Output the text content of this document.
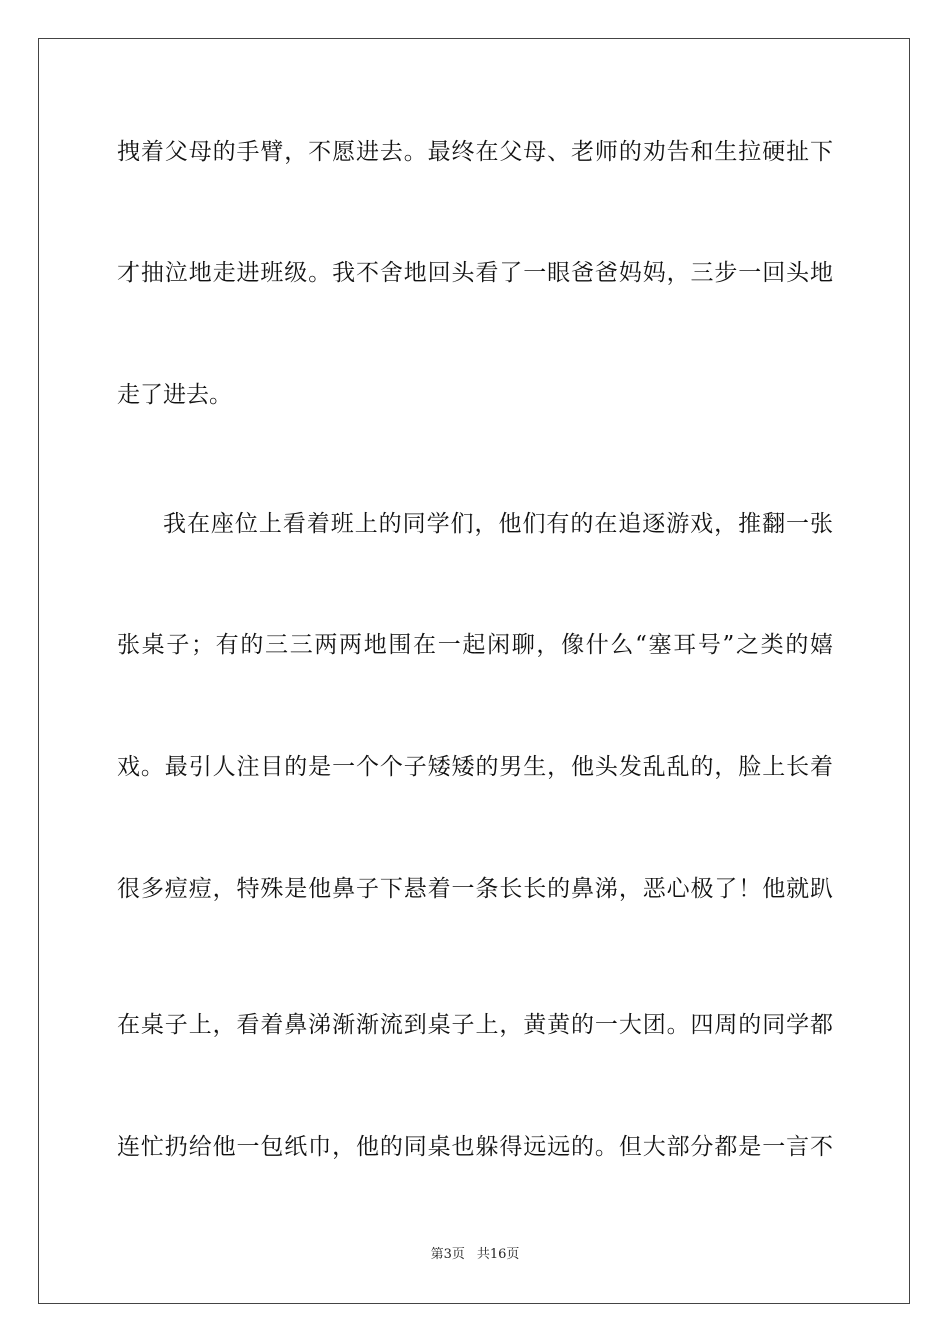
拽着父母的手臂，不愿进去。最终在父母、老师的劝告和生拉硬扯下
才抽泣地走进班级。我不舍地回头看了一眼爸爸妈妈，三步一回头地
走了进去。
我在座位上看着班上的同学们，他们有的在追逐游戏，推翻一张
张桌子；有的三三两两地围在一起闲聊，像什么“塞耳号”之类的嬉
戏。最引人注目的是一个个子矮矮的男生，他头发乱乱的，脸上长着
很多痘痘，特殊是他鼻子下悬着一条长长的鼻涕，恶心极了！他就趴
在桌子上，看着鼻涕渐渐流到桌子上，黄黄的一大团。四周的同学都
连忙扔给他一包纸巾，他的同桌也躲得远远的。但大部分都是一言不
第3页 共16页
